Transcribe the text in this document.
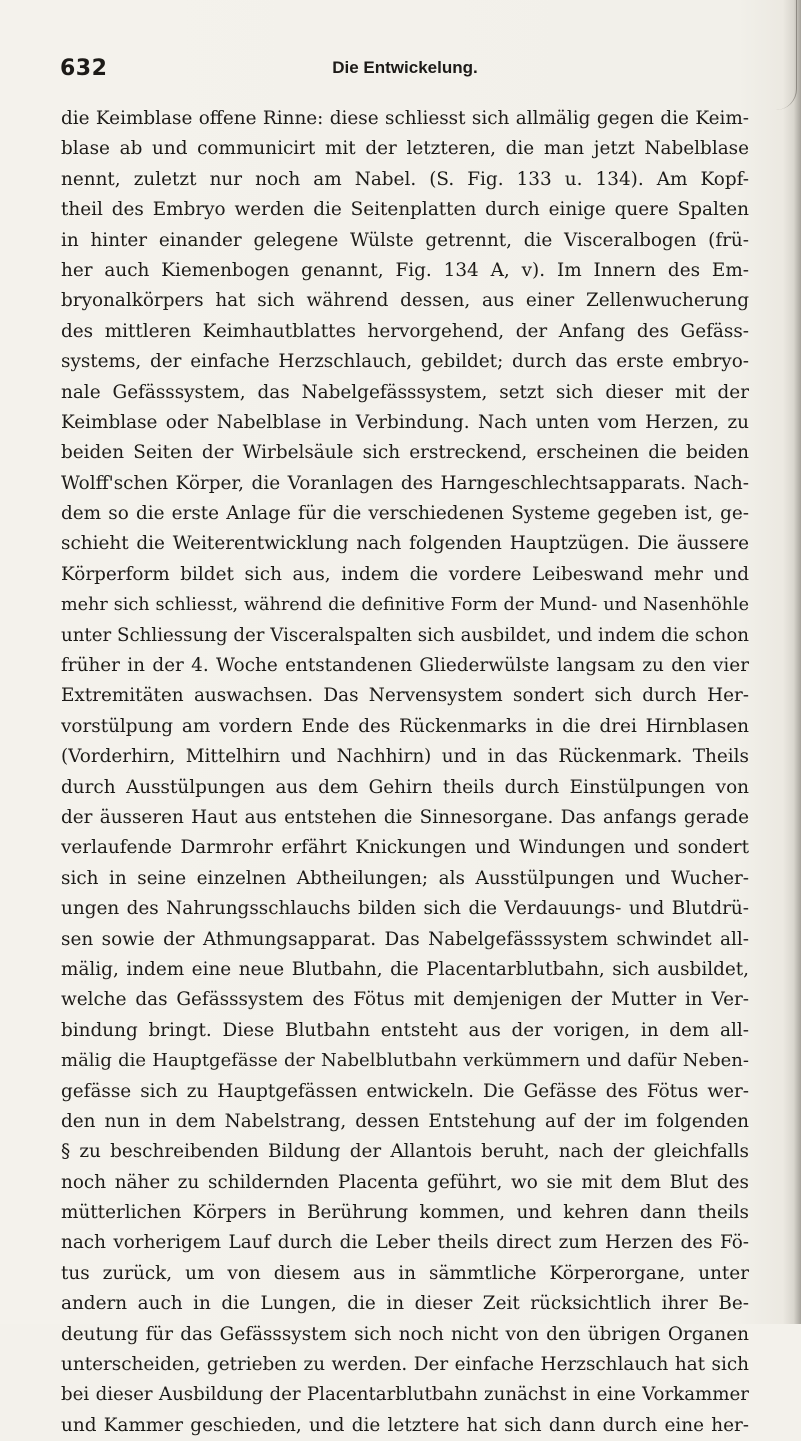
632	Die Entwickelung.
die Keimblase offene Rinne: diese schliesst sich allmälig gegen die Keim-
blase ab und communicirt mit der letzteren, die man jetzt Nabelblase
nennt, zuletzt nur noch am Nabel. (S. Fig. 133 u. 134). Am Kopf-
theil des Embryo werden die Seitenplatten durch einige quere Spalten
in hinter einander gelegene Wülste getrennt, die Visceralbogen (frü-
her auch Kiemenbogen genannt, Fig. 134 A, v). Im Innern des Em-
bryonalkörpers hat sich während dessen, aus einer Zellenwucherung
des mittleren Keimhautblattes hervorgehend, der Anfang des Gefäss-
systems, der einfache Herzschlauch, gebildet; durch das erste embryo-
nale Gefässsystem, das Nabelgefässsystem, setzt sich dieser mit der
Keimblase oder Nabelblase in Verbindung. Nach unten vom Herzen, zu
beiden Seiten der Wirbelsäule sich erstreckend, erscheinen die beiden
Wolff'schen Körper, die Voranlagen des Harngeschlechtsapparats. Nach-
dem so die erste Anlage für die verschiedenen Systeme gegeben ist, ge-
schieht die Weiterentwicklung nach folgenden Hauptzügen. Die äussere
Körperform bildet sich aus, indem die vordere Leibeswand mehr und
mehr sich schliesst, während die definitive Form der Mund- und Nasenhöhle
unter Schliessung der Visceralspalten sich ausbildet, und indem die schon
früher in der 4. Woche entstandenen Gliederwülste langsam zu den vier
Extremitäten auswachsen. Das Nervensystem sondert sich durch Her-
vorstülpung am vordern Ende des Rückenmarks in die drei Hirnblasen
(Vorderhirn, Mittelhirn und Nachhirn) und in das Rückenmark. Theils
durch Ausstülpungen aus dem Gehirn theils durch Einstülpungen von
der äusseren Haut aus entstehen die Sinnesorgane. Das anfangs gerade
verlaufende Darmrohr erfährt Knickungen und Windungen und sondert
sich in seine einzelnen Abtheilungen; als Ausstülpungen und Wucher-
ungen des Nahrungsschlauchs bilden sich die Verdauungs- und Blutdrü-
sen sowie der Athmungsapparat. Das Nabelgefässsystem schwindet all-
mälig, indem eine neue Blutbahn, die Placentarblutbahn, sich ausbildet,
welche das Gefässsystem des Fötus mit demjenigen der Mutter in Ver-
bindung bringt. Diese Blutbahn entsteht aus der vorigen, in dem all-
mälig die Hauptgefässe der Nabelblutbahn verkümmern und dafür Neben-
gefässe sich zu Hauptgefässen entwickeln. Die Gefässe des Fötus wer-
den nun in dem Nabelstrang, dessen Entstehung auf der im folgenden
§ zu beschreibenden Bildung der Allantois beruht, nach der gleichfalls
noch näher zu schildernden Placenta geführt, wo sie mit dem Blut des
mütterlichen Körpers in Berührung kommen, und kehren dann theils
nach vorherigem Lauf durch die Leber theils direct zum Herzen des Fö-
tus zurück, um von diesem aus in sämmtliche Körperorgane, unter
andern auch in die Lungen, die in dieser Zeit rücksichtlich ihrer Be-
deutung für das Gefässsystem sich noch nicht von den übrigen Organen
unterscheiden, getrieben zu werden. Der einfache Herzschlauch hat sich
bei dieser Ausbildung der Placentarblutbahn zunächst in eine Vorkammer
und Kammer geschieden, und die letztere hat sich dann durch eine her-
